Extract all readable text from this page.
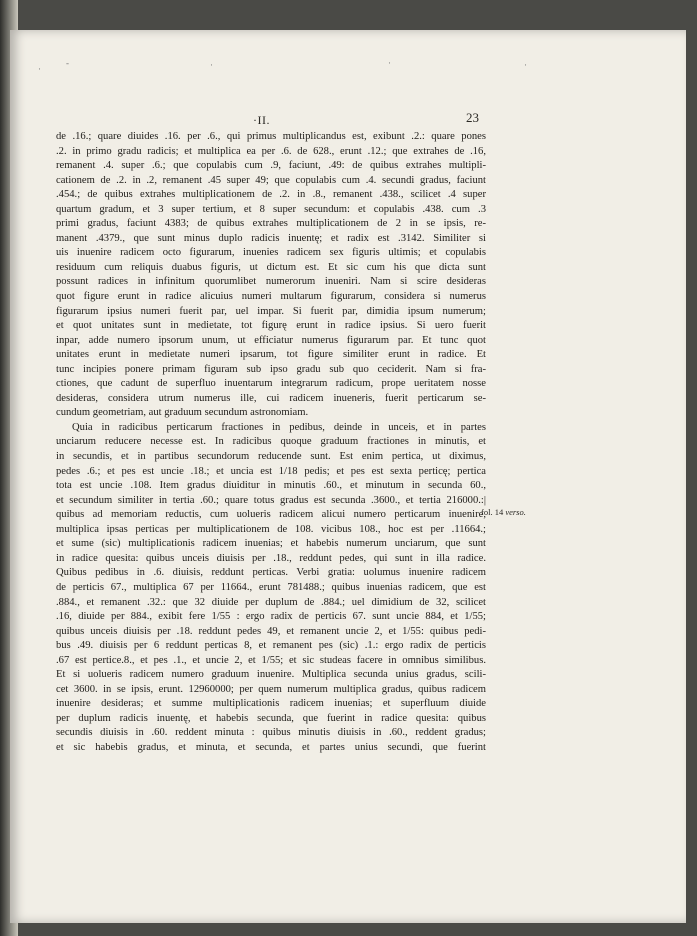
·
-	·	·	·
·II.	23
fol. 14 verso.
de .16.; quare diuides .16. per .6., qui primus multiplicandus est, exibunt .2.: quare pones
.2. in primo gradu radicis; et multiplica ea per .6. de 628., erunt .12.; que extrahes de .16,
remanent .4. super .6.; que copulabis cum .9, faciunt, .49: de quibus extrahes multipli-
cationem de .2. in .2, remanent .45 super 49; que copulabis cum .4. secundi gradus, faciunt
.454.; de quibus extrahes multiplicationem de .2. in .8., remanent .438., scilicet .4 super
quartum gradum, et 3 super tertium, et 8 super secundum: et copulabis .438. cum .3
primi gradus, faciunt 4383; de quibus extrahes multiplicationem de 2 in se ipsis, re-
manent .4379., que sunt minus duplo radicis inuentę; et radix est .3142. Similiter si
uis inuenire radicem octo figurarum, inuenies radicem sex figuris ultimis; et copulabis
residuum cum reliquis duabus figuris, ut dictum est. Et sic cum his que dicta sunt
possunt radices in infinitum quorumlibet numerorum inueniri. Nam si scire desideras
quot figure erunt in radice alicuius numeri multarum figurarum, considera si numerus
figurarum ipsius numeri fuerit par, uel impar. Si fuerit par, dimidia ipsum numerum;
et quot unitates sunt in medietate, tot figurę erunt in radice ipsius. Si uero fuerit
inpar, adde numero ipsorum unum, ut efficiatur numerus figurarum par. Et tunc quot
unitates erunt in medietate numeri ipsarum, tot figure similiter erunt in radice. Et
tunc incipies ponere primam figuram sub ipso gradu sub quo ceciderit. Nam si fra-
ctiones, que cadunt de superfluo inuentarum integrarum radicum, prope ueritatem nosse
desideras, considera utrum numerus ille, cui radicem inueneris, fuerit perticarum se-
cundum geometriam, aut graduum secundum astronomiam.
Quia in radicibus perticarum fractiones in pedibus, deinde in unceis, et in partes
unciarum reducere necesse est. In radicibus quoque graduum fractiones in minutis, et
in secundis, et in partibus secundorum reducende sunt. Est enim pertica, ut diximus,
pedes .6.; et pes est uncie .18.; et uncia est 1/18 pedis; et pes est sexta perticę; pertica
tota est uncie .108. Item gradus diuiditur in minutis .60., et minutum in secunda 60.,
et secundum similiter in tertia .60.; quare totus gradus est secunda .3600., et tertia 216000.:|
quibus ad memoriam reductis, cum uolueris radicem alicui numero perticarum inuenire,
multiplica ipsas perticas per multiplicationem de 108. vicibus 108., hoc est per .11664.;
et sume (sic) multiplicationis radicem inuenias; et habebis numerum unciarum, que sunt
in radice quesita: quibus unceis diuisis per .18., reddunt pedes, qui sunt in illa radice.
Quibus pedibus in .6. diuisis, reddunt perticas. Verbi gratia: uolumus inuenire radicem
de perticis 67., multiplica 67 per 11664., erunt 781488.; quibus inuenias radicem, que est
.884., et remanent .32.: que 32 diuide per duplum de .884.; uel dimidium de 32, scilicet
.16, diuide per 884., exibit fere 1/55 : ergo radix de perticis 67. sunt uncie 884, et 1/55;
quibus unceis diuisis per .18. reddunt pedes 49, et remanent uncie 2, et 1/55: quibus pedi-
bus .49. diuisis per 6 reddunt perticas 8, et remanent pes (sic) .1.: ergo radix de perticis
.67 est pertice.8., et pes .1., et uncie 2, et 1/55; et sic studeas facere in omnibus similibus.
Et si uolueris radicem numero graduum inuenire. Multiplica secunda unius gradus, scili-
cet 3600. in se ipsis, erunt. 12960000; per quem numerum multiplica gradus, quibus radicem
inuenire desideras; et summe multiplicationis radicem inuenias; et superfluum diuide
per duplum radicis inuentę, et habebis secunda, que fuerint in radice quesita: quibus
secundis diuisis in .60. reddent minuta : quibus minutis diuisis in .60., reddent gradus;
et sic habebis gradus, et minuta, et secunda, et partes unius secundi, que fuerint
